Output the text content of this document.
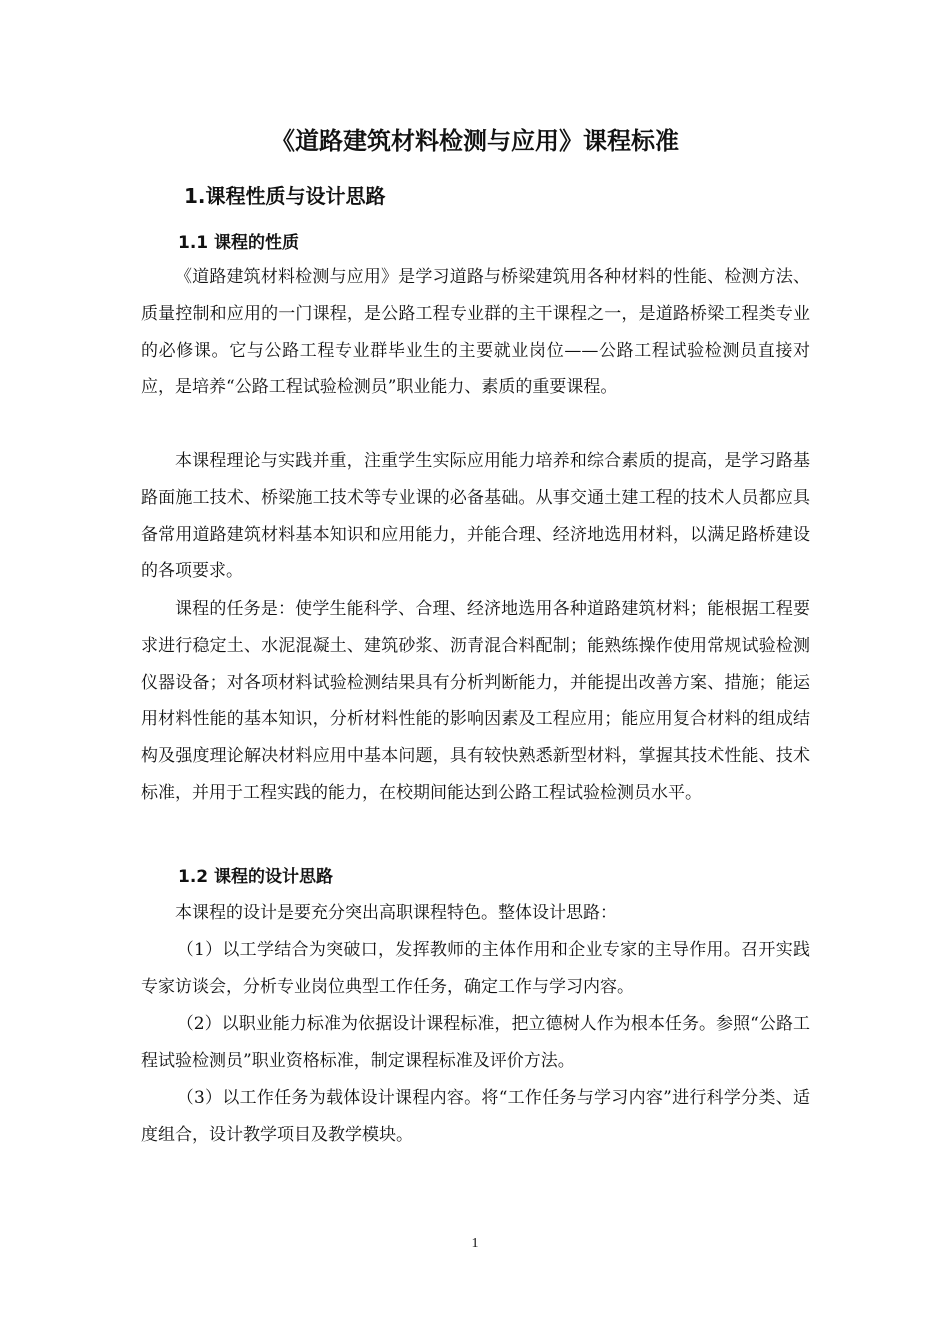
《道路建筑材料检测与应用》课程标准
1.课程性质与设计思路
1.1 课程的性质

《道路建筑材料检测与应用》是学习道路与桥梁建筑用各种材料的性能、检测方法、质量控制和应用的一门课程，是公路工程专业群的主干课程之一，是道路桥梁工程类专业的必修课。它与公路工程专业群毕业生的主要就业岗位——公路工程试验检测员直接对应，是培养“公路工程试验检测员”职业能力、素质的重要课程。

本课程理论与实践并重，注重学生实际应用能力培养和综合素质的提高，是学习路基路面施工技术、桥梁施工技术等专业课的必备基础。从事交通土建工程的技术人员都应具备常用道路建筑材料基本知识和应用能力，并能合理、经济地选用材料，以满足路桥建设的各项要求。

课程的任务是：使学生能科学、合理、经济地选用各种道路建筑材料；能根据工程要求进行稳定土、水泥混凝土、建筑砂浆、沥青混合料配制；能熟练操作使用常规试验检测仪器设备；对各项材料试验检测结果具有分析判断能力，并能提出改善方案、措施；能运用材料性能的基本知识，分析材料性能的影响因素及工程应用；能应用复合材料的组成结构及强度理论解决材料应用中基本问题，具有较快熟悉新型材料，掌握其技术性能、技术标准，并用于工程实践的能力，在校期间能达到公路工程试验检测员水平。

1.2 课程的设计思路

本课程的设计是要充分突出高职课程特色。整体设计思路：

（1）以工学结合为突破口，发挥教师的主体作用和企业专家的主导作用。召开实践专家访谈会，分析专业岗位典型工作任务，确定工作与学习内容。

（2）以职业能力标准为依据设计课程标准，把立德树人作为根本任务。参照“公路工程试验检测员”职业资格标准，制定课程标准及评价方法。

（3）以工作任务为载体设计课程内容。将“工作任务与学习内容”进行科学分类、适度组合，设计教学项目及教学模块。

1
